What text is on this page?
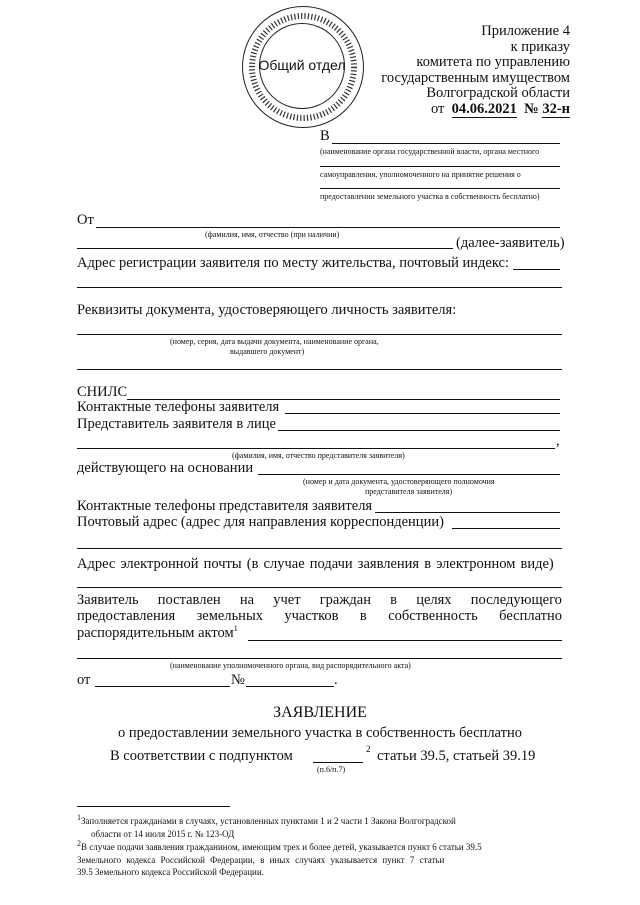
Общий отдел
Приложение 4
к приказу
комитета по управлению
государственным имуществом
Волгоградской области
от 04.06.2021 № 32-н
В
(наименование органа государственной власти, органа местного
самоуправления, уполномоченного на принятие решения о
предоставлении земельного участка в собственность бесплатно)
От
(фамилия, имя, отчество (при наличии)
(далее-заявитель)
Адрес регистрации заявителя по месту жительства, почтовый индекс:
Реквизиты документа, удостоверяющего личность заявителя:
(номер, серия, дата выдачи документа, наименование органа,
выдавшего документ)
СНИЛС
Контактные телефоны заявителя
Представитель заявителя в лице
,
(фамилия, имя, отчество представителя заявителя)
действующего на основании
(номер и дата документа, удостоверяющего полномочия
представителя заявителя)
Контактные телефоны представителя заявителя
Почтовый адрес (адрес для направления корреспонденции)
Адрес электронной почты (в случае подачи заявления в электронном виде)
Заявитель поставлен на учет граждан в целях последующего
предоставления земельных участков в собственность бесплатно
распорядительным актом$^1$
(наименование уполномоченного органа, вид распорядительного акта)
от	№	.
ЗАЯВЛЕНИЕ
о предоставлении земельного участка в собственность бесплатно
В соответствии с подпунктом	2 статьи 39.5, статьей 39.19
(п.6/п.7)
$^1$Заполняется гражданами в случаях, установленных пунктами 1 и 2 части 1 Закона Волгоградской
области от 14 июля 2015 г. № 123-ОД
$^2$В случае подачи заявления гражданином, имеющим трех и более детей, указывается пункт 6 статьи 39.5
Земельного кодекса Российской Федерации, в иных случаях указывается пункт 7 статьи
39.5 Земельного кодекса Российской Федерации.
